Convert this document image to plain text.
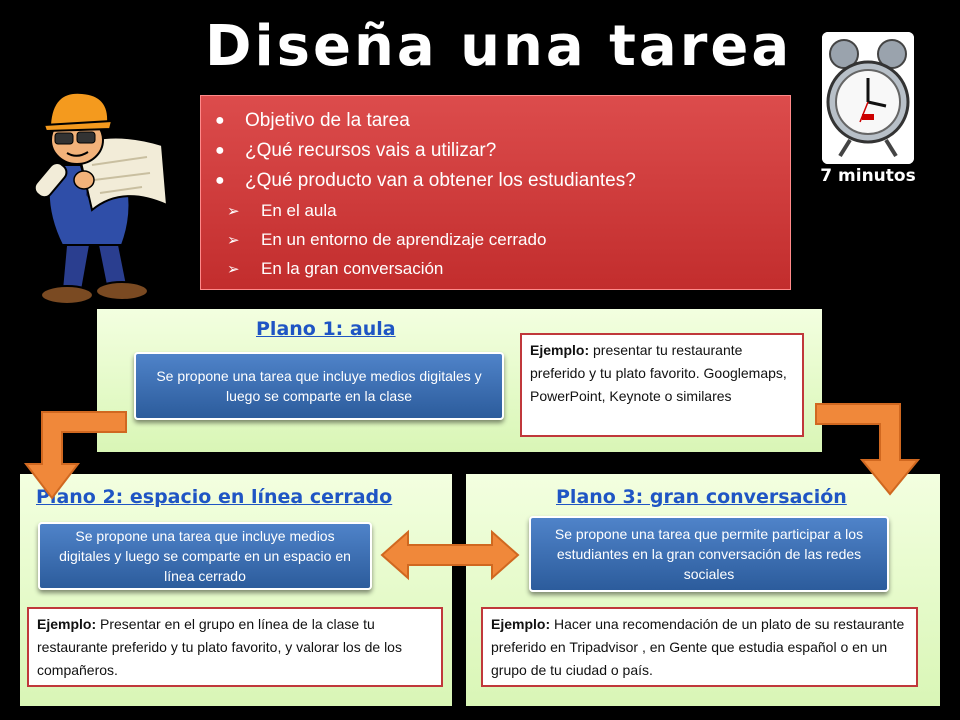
Diseña una tarea
7 minutos
●	Objetivo de la tarea
●	¿Qué recursos vais a utilizar?
●	¿Qué producto van a obtener los estudiantes?
➢	En el aula
➢	En un entorno de aprendizaje cerrado
➢	En la gran conversación
Plano 1: aula
Se propone una tarea que incluye medios digitales y luego se comparte en la clase
Ejemplo: presentar tu restaurante preferido y tu plato favorito. Googlemaps, PowerPoint, Keynote o similares
Plano 2: espacio en línea cerrado
Se propone una tarea que incluye medios digitales y luego se comparte en un espacio en línea cerrado
Ejemplo: Presentar en el grupo en línea de la clase tu restaurante preferido y tu plato favorito, y valorar los de los compañeros.
Plano 3: gran conversación
Se propone una tarea que permite participar a los estudiantes en la gran conversación de las redes sociales
Ejemplo: Hacer una recomendación de un plato de su restaurante preferido en Tripadvisor , en Gente que estudia español o en un grupo de tu ciudad o país.
